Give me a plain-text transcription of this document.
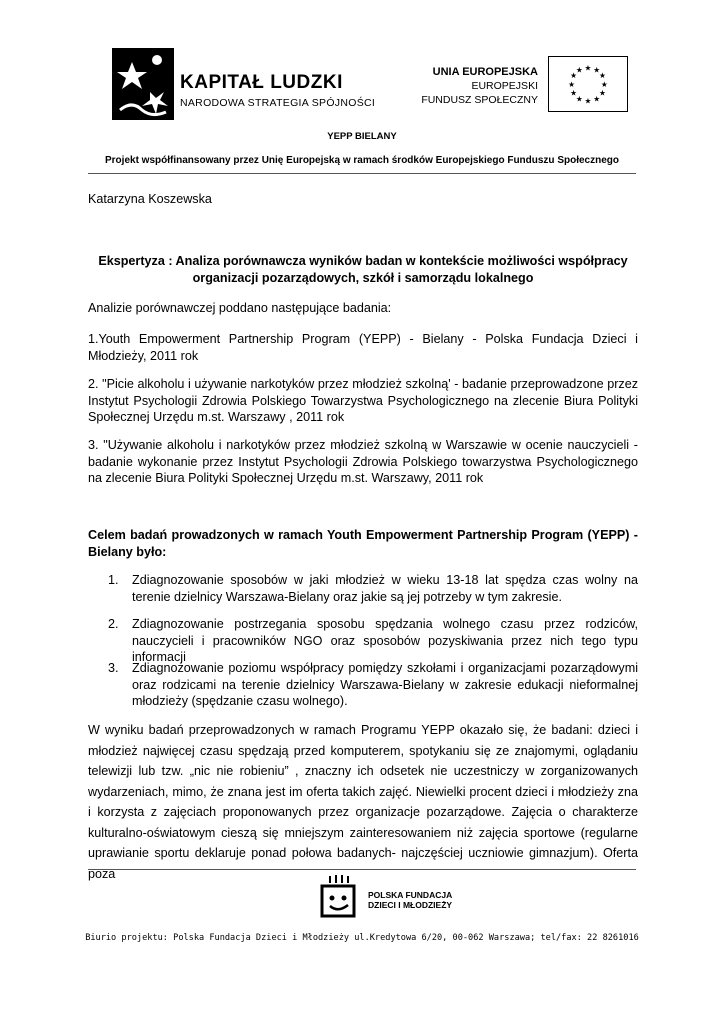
KAPITAŁ LUDZKI
NARODOWA STRATEGIA SPÓJNOŚCI
UNIA EUROPEJSKA
EUROPEJSKI
FUNDUSZ SPOŁECZNY
★ ★
★
★
★
★
★
★
★
★
★
★
YEPP BIELANY
Projekt współfinansowany przez Unię Europejską w ramach środków Europejskiego Funduszu Społecznego
Katarzyna Koszewska
Ekspertyza : Analiza porównawcza wyników badan w kontekście możliwości współpracy
organizacji pozarządowych, szkół i samorządu lokalnego
Analizie porównawczej poddano następujące badania:
1.Youth Empowerment Partnership Program (YEPP) - Bielany - Polska Fundacja Dzieci i Młodzieży, 2011 rok
2. "Picie alkoholu i używanie narkotyków przez młodzież szkolną' - badanie przeprowadzone przez Instytut Psychologii Zdrowia Polskiego Towarzystwa Psychologicznego na zlecenie Biura Polityki Społecznej Urzędu m.st. Warszawy , 2011 rok
3. "Używanie alkoholu i narkotyków przez młodzież szkolną w Warszawie w ocenie nauczycieli - badanie wykonanie przez Instytut Psychologii Zdrowia Polskiego towarzystwa Psychologicznego na zlecenie Biura Polityki Społecznej Urzędu m.st. Warszawy, 2011 rok
Celem badań prowadzonych w ramach Youth Empowerment Partnership Program (YEPP) - Bielany było:
1.	Zdiagnozowanie sposobów w jaki młodzież w wieku 13-18 lat spędza czas wolny na terenie dzielnicy Warszawa-Bielany oraz jakie są jej potrzeby w tym zakresie.
2.	Zdiagnozowanie postrzegania sposobu spędzania wolnego czasu przez rodziców, nauczycieli i pracowników NGO oraz sposobów pozyskiwania przez nich tego typu informacji
3.	Zdiagnozowanie poziomu współpracy pomiędzy szkołami i organizacjami pozarządowymi oraz rodzicami na terenie dzielnicy Warszawa-Bielany w zakresie edukacji nieformalnej młodzieży (spędzanie czasu wolnego).
W wyniku badań przeprowadzonych w ramach Programu YEPP okazało się, że badani: dzieci i młodzież najwięcej czasu spędzają przed komputerem, spotykaniu się ze znajomymi, oglądaniu telewizji lub tzw. „nic nie robieniu” , znaczny ich odsetek nie uczestniczy w zorganizowanych wydarzeniach, mimo, że znana jest im oferta takich zajęć. Niewielki procent dzieci i młodzieży zna i korzysta z zajęciach proponowanych przez organizacje pozarządowe. Zajęcia o charakterze kulturalno-oświatowym cieszą się mniejszym zainteresowaniem niż zajęcia sportowe (regularne uprawianie sportu deklaruje ponad połowa badanych- najczęściej uczniowie gimnazjum). Oferta poza
POLSKA FUNDACJA
DZIECI I MŁODZIEŻY
Biurio projektu: Polska Fundacja Dzieci i Młodzieży ul.Kredytowa 6/20, 00-062 Warszawa; tel/fax: 22 8261016
